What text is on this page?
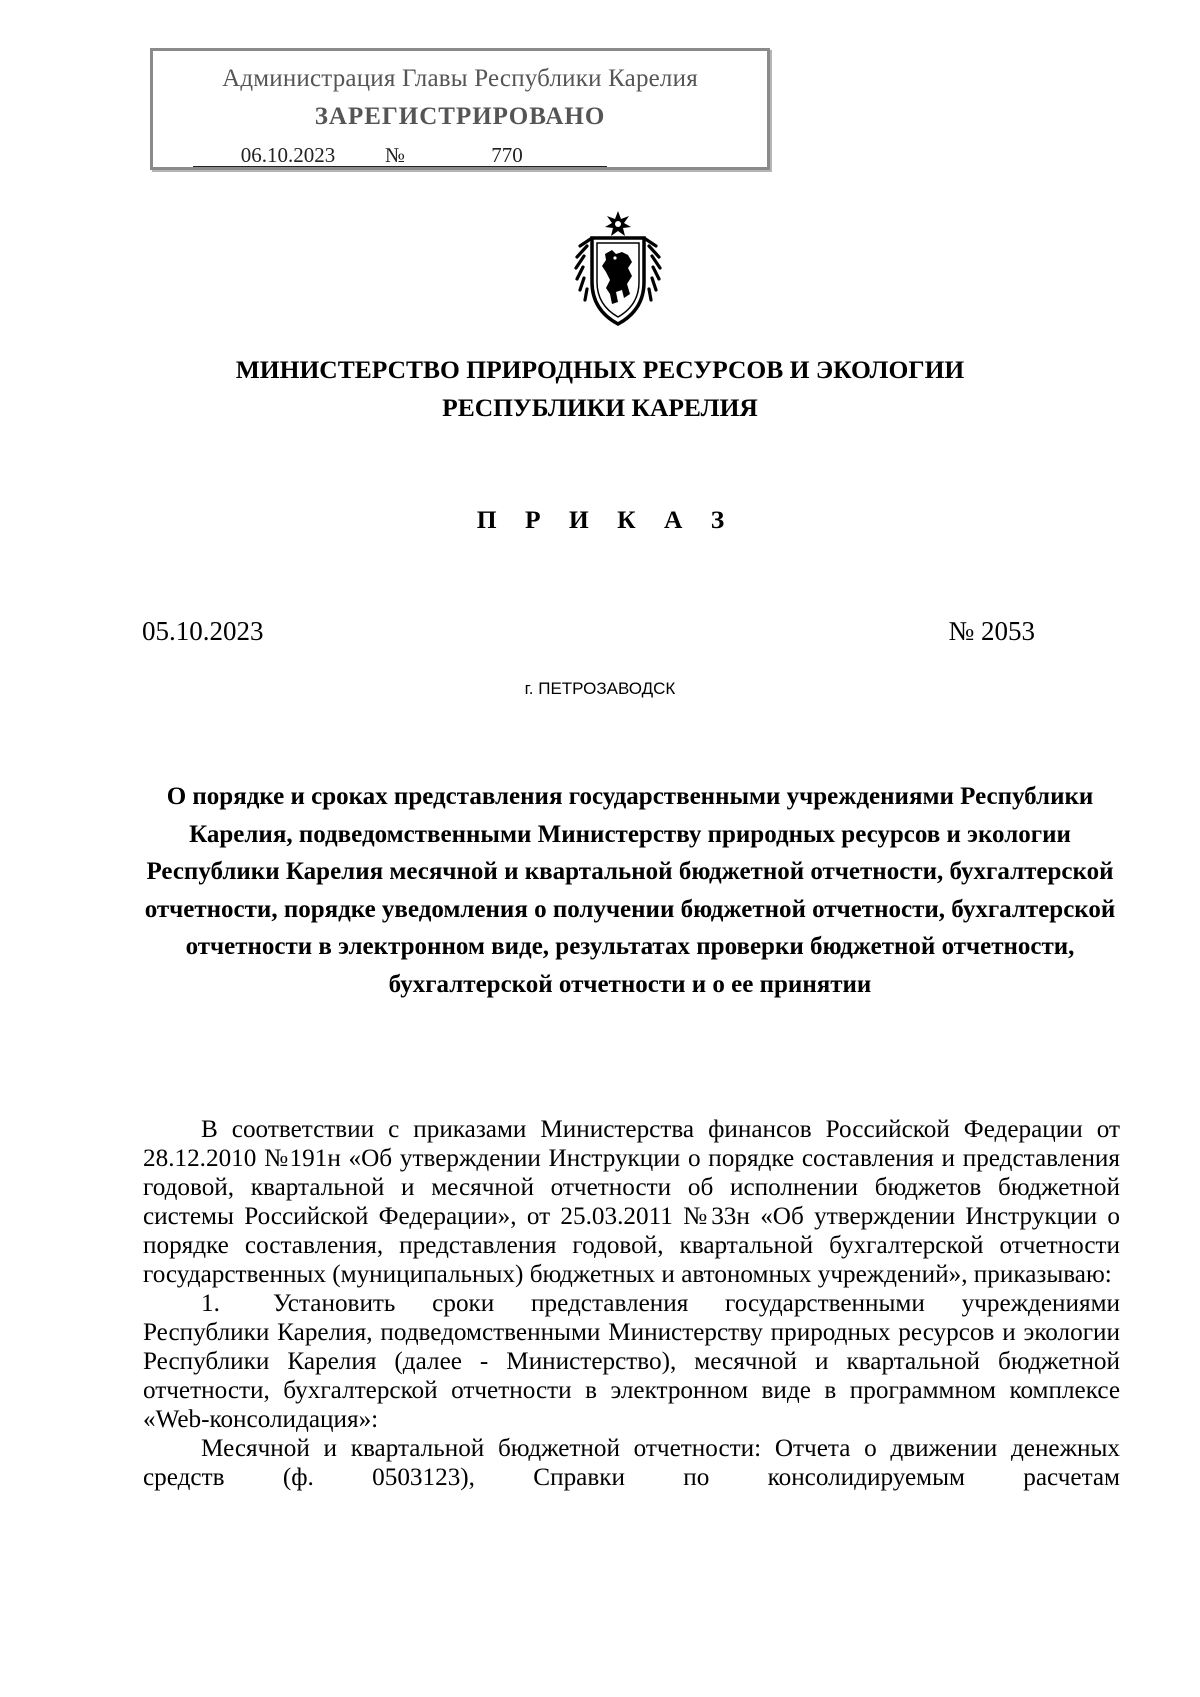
Администрация Главы Республики Карелия
ЗАРЕГИСТРИРОВАНО
06.10.2023 №	770
МИНИСТЕРСТВО ПРИРОДНЫХ РЕСУРСОВ И ЭКОЛОГИИ
РЕСПУБЛИКИ КАРЕЛИЯ
П Р И К А З
05.10.2023	№ 2053
г. ПЕТРОЗАВОДСК

О порядке и сроках представления государственными учреждениями Республики Карелия, подведомственными Министерству природных ресурсов и экологии Республики Карелия месячной и квартальной бюджетной отчетности, бухгалтерской отчетности, порядке уведомления о получении бюджетной отчетности, бухгалтерской отчетности в электронном виде, результатах проверки бюджетной отчетности, бухгалтерской отчетности и о ее принятии

В соответствии с приказами Министерства финансов Российской Федерации от 28.12.2010 №191н «Об утверждении Инструкции о порядке составления и представления годовой, квартальной и месячной отчетности об исполнении бюджетов бюджетной системы Российской Федерации», от 25.03.2011 №33н «Об утверждении Инструкции о порядке составления, представления годовой, квартальной бухгалтерской отчетности государственных (муниципальных) бюджетных и автономных учреждений», приказываю:

1. Установить сроки представления государственными учреждениями Республики Карелия, подведомственными Министерству природных ресурсов и экологии Республики Карелия (далее - Министерство), месячной и квартальной бюджетной отчетности, бухгалтерской отчетности в электронном виде в программном комплексе «Web-консолидация»:

Месячной и квартальной бюджетной отчетности: Отчета о движении денежных средств (ф. 0503123), Справки по консолидируемым расчетам
